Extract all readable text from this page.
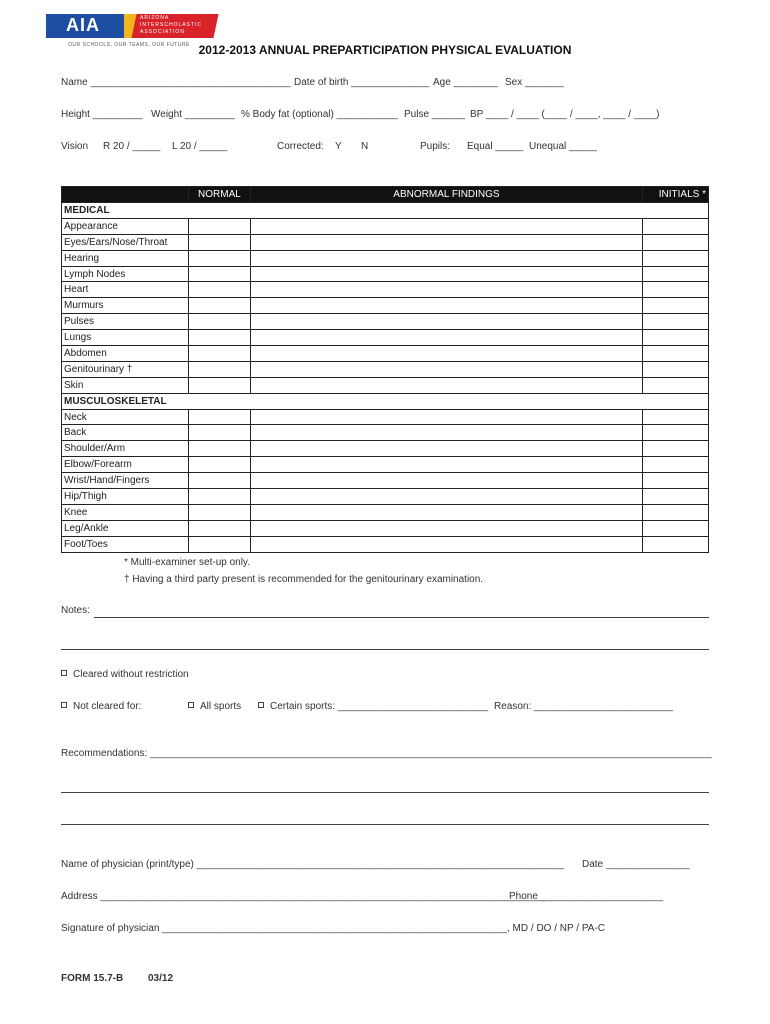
AIA	ARIZONA
INTERSCHOLASTIC
ASSOCIATION
OUR SCHOOLS, OUR TEAMS, OUR FUTURE 2012-2013 ANNUAL PREPARTICIPATION PHYSICAL EVALUATION
Name ____________________________________ Date of birth ______________ Age ________ Sex _______
Height _________ Weight _________ % Body fat (optional) ___________ Pulse ______ BP ____ / ____ (____ / ____, ____ / ____)
Vision R 20 / _____ L 20 / _____	Corrected: Y N	Pupils: Equal _____ Unequal _____
	NORMAL	ABNORMAL FINDINGS	INITIALS *
MEDICAL			
Appearance			
Eyes/Ears/Nose/Throat			
Hearing			
Lymph Nodes			
Heart			
Murmurs			
Pulses			
Lungs			
Abdomen			
Genitourinary †			
Skin			
MUSCULOSKELETAL			
Neck			
Back			
Shoulder/Arm			
Elbow/Forearm			
Wrist/Hand/Fingers			
Hip/Thigh			
Knee			
Leg/Ankle			
Foot/Toes			
* Multi-examiner set-up only.
† Having a third party present is recommended for the genitourinary examination.
Notes:
Cleared without restriction
Not cleared for:	All sports	Certain sports: ___________________________ Reason: _________________________
Recommendations: _____________________________________________________________________________________________________
Name of physician (print/type) __________________________________________________________________ Date _______________
Address ________________________________________________________________________________
Phone ______________________
Signature of physician ______________________________________________________________, MD / DO / NP / PA-C
FORM 15.7-B 03/12
